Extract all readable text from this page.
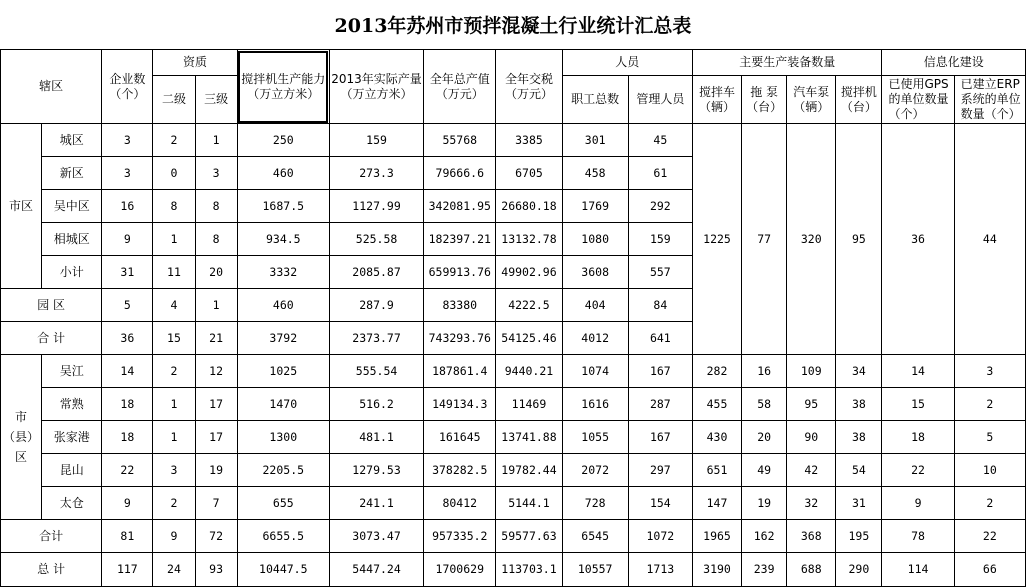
2013年苏州市预拌混凝土行业统计汇总表
辖区		企业数（个）	资质		搅拌机生产能力（万立方米）	2013年实际产量（万立方米）	全年总产值（万元）	全年交税（万元）	人员		主要生产装备数量				信息化建设	
			二级	三级					职工总数	管理人员	搅拌车（辆）	拖 泵（台）	汽车泵（辆）	搅拌机（台）	已使用GPS的单位数量（个）	已建立ERP系统的单位数量（个）
市区	城区	3	2	1	250	159	55768	3385	301	45	1225	77	320	95	36	44
	新区	3	0	3	460	273.3	79666.6	6705	458	61						
	吴中区	16	8	8	1687.5	1127.99	342081.95	26680.18	1769	292						
	相城区	9	1	8	934.5	525.58	182397.21	13132.78	1080	159						
	小计	31	11	20	3332	2085.87	659913.76	49902.96	3608	557						
园 区		5	4	1	460	287.9	83380	4222.5	404	84						
合 计		36	15	21	3792	2373.77	743293.76	54125.46	4012	641						
市（县）区	吴江	14	2	12	1025	555.54	187861.4	9440.21	1074	167	282	16	109	34	14	3
	常熟	18	1	17	1470	516.2	149134.3	11469	1616	287	455	58	95	38	15	2
	张家港	18	1	17	1300	481.1	161645	13741.88	1055	167	430	20	90	38	18	5
	昆山	22	3	19	2205.5	1279.53	378282.5	19782.44	2072	297	651	49	42	54	22	10
	太仓	9	2	7	655	241.1	80412	5144.1	728	154	147	19	32	31	9	2
合计		81	9	72	6655.5	3073.47	957335.2	59577.63	6545	1072	1965	162	368	195	78	22
总 计		117	24	93	10447.5	5447.24	1700629	113703.1	10557	1713	3190	239	688	290	114	66
